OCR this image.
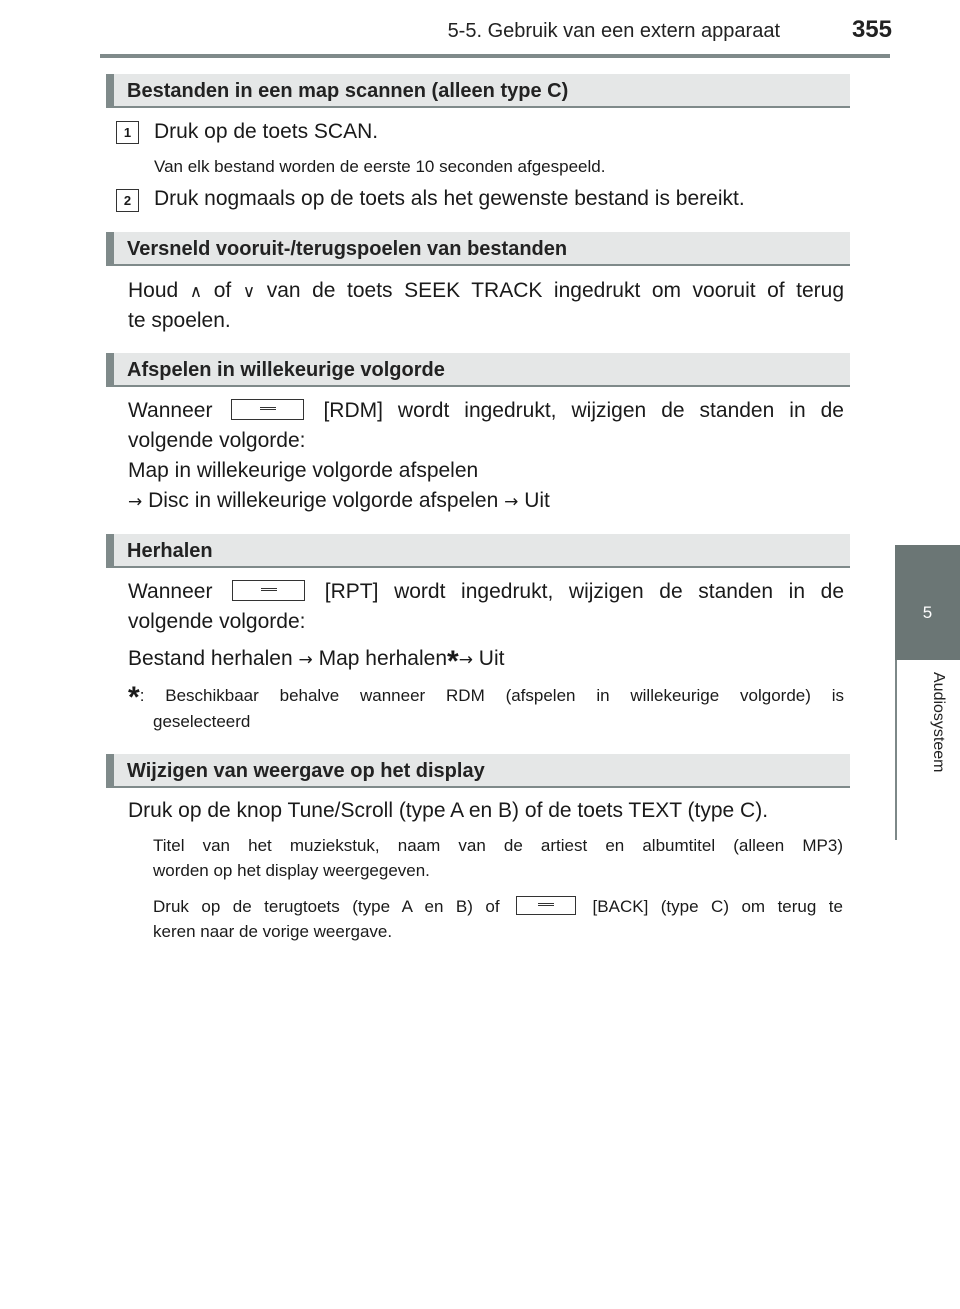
5-5. Gebruik van een extern apparaat	355
5
Audiosysteem
Bestanden in een map scannen (alleen type C)
1	Druk op de toets SCAN.
Van elk bestand worden de eerste 10 seconden afgespeeld.
2	Druk nogmaals op de toets als het gewenste bestand is bereikt.
Versneld vooruit-/terugspoelen van bestanden
Houd ∧ of ∨ van de toets SEEK TRACK ingedrukt om vooruit of terug
te spoelen.
Afspelen in willekeurige volgorde
Wanneer	[RDM] wordt ingedrukt, wijzigen de standen in de
volgende volgorde:
Map in willekeurige volgorde afspelen
→ Disc in willekeurige volgorde afspelen → Uit
Herhalen
Wanneer	[RPT] wordt ingedrukt, wijzigen de standen in de
volgende volgorde:
Bestand herhalen → Map herhalen*→ Uit
*: Beschikbaar behalve wanneer RDM (afspelen in willekeurige volgorde) is
geselecteerd
Wijzigen van weergave op het display
Druk op de knop Tune/Scroll (type A en B) of de toets TEXT (type C).
Titel van het muziekstuk, naam van de artiest en albumtitel (alleen MP3)
worden op het display weergegeven.
Druk op de terugtoets (type A en B) of	[BACK] (type C) om terug te
keren naar de vorige weergave.
